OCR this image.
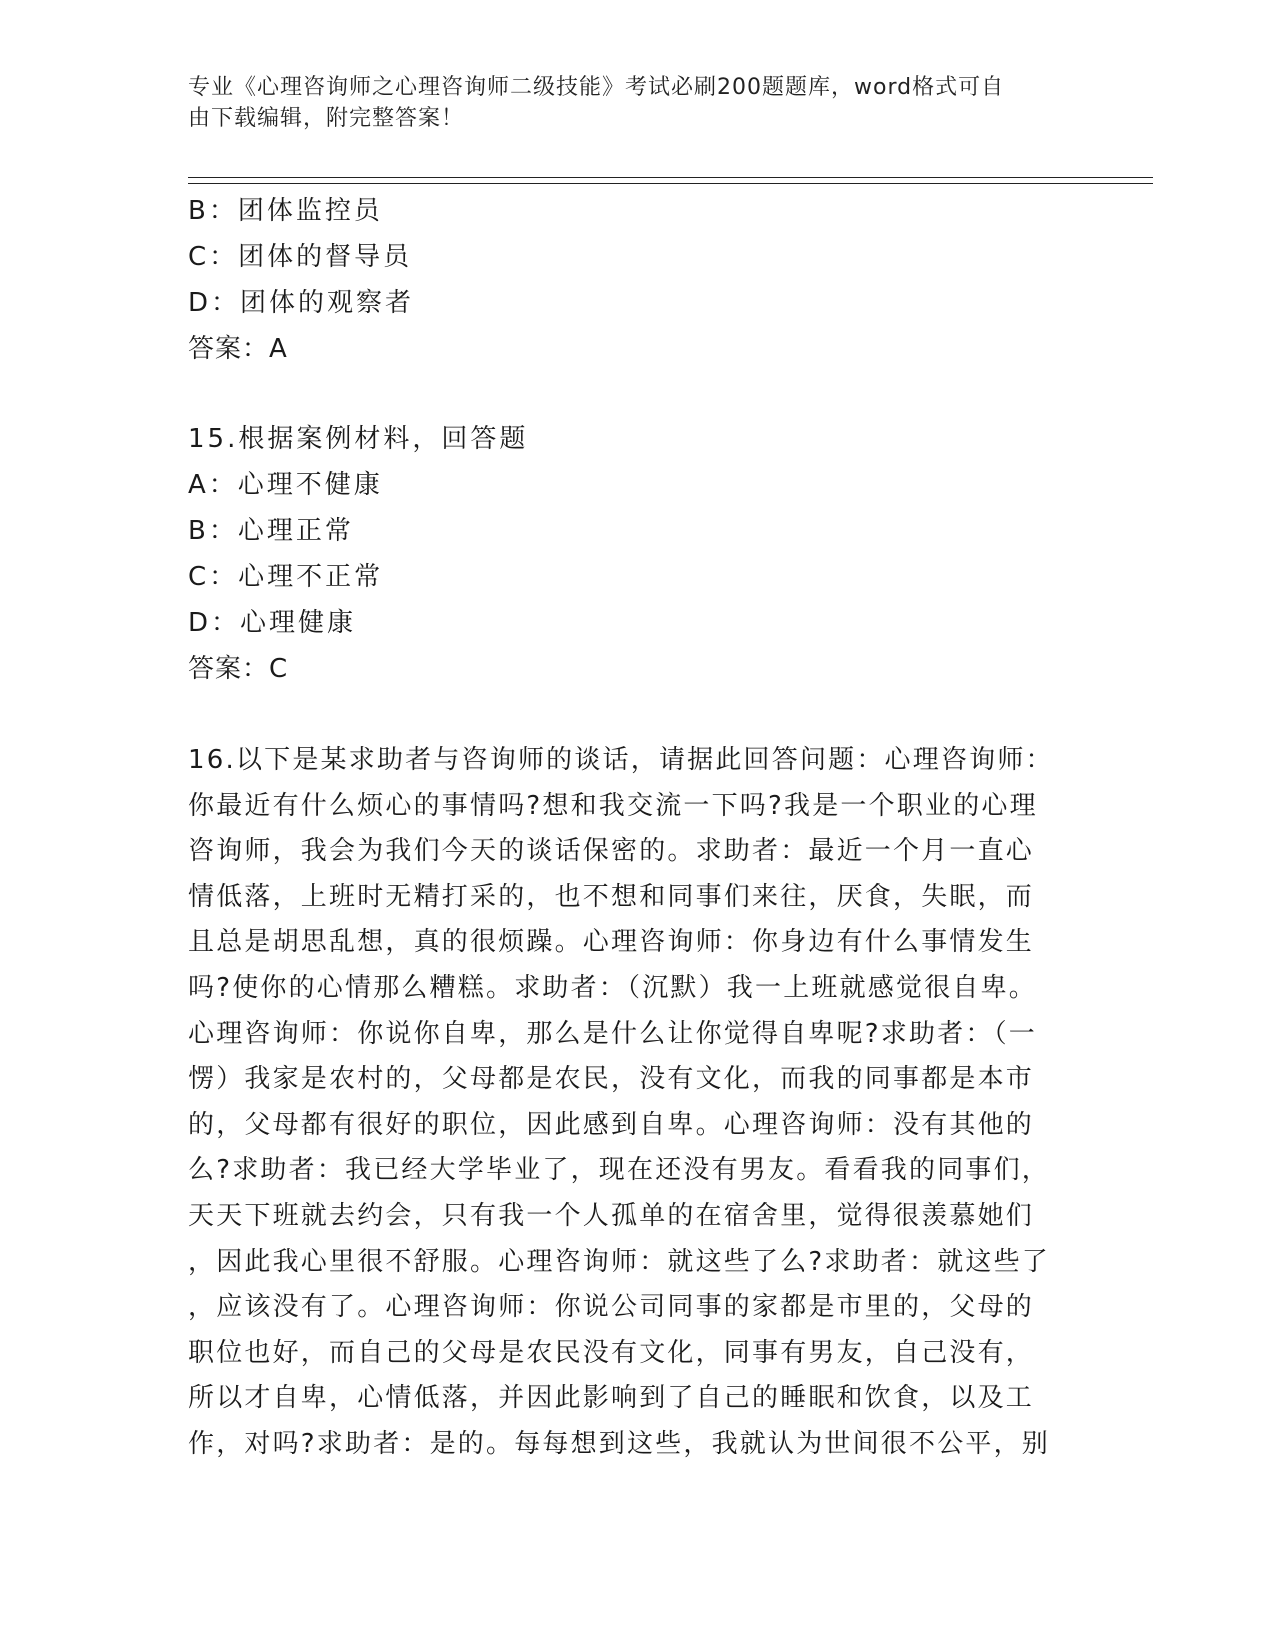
专业《心理咨询师之心理咨询师二级技能》考试必刷200题题库，word格式可自
由下载编辑，附完整答案！
B：团体监控员
C：团体的督导员
D：团体的观察者
答案：A
15.根据案例材料，回答题
A：心理不健康
B：心理正常
C：心理不正常
D：心理健康
答案：C
16.以下是某求助者与咨询师的谈话，请据此回答问题：心理咨询师：
你最近有什么烦心的事情吗?想和我交流一下吗?我是一个职业的心理
咨询师，我会为我们今天的谈话保密的。求助者：最近一个月一直心
情低落，上班时无精打采的，也不想和同事们来往，厌食，失眠，而
且总是胡思乱想，真的很烦躁。心理咨询师：你身边有什么事情发生
吗?使你的心情那么糟糕。求助者：（沉默）我一上班就感觉很自卑。
心理咨询师：你说你自卑，那么是什么让你觉得自卑呢?求助者：（一
愣）我家是农村的，父母都是农民，没有文化，而我的同事都是本市
的，父母都有很好的职位，因此感到自卑。心理咨询师：没有其他的
么?求助者：我已经大学毕业了，现在还没有男友。看看我的同事们，
天天下班就去约会，只有我一个人孤单的在宿舍里，觉得很羡慕她们
，因此我心里很不舒服。心理咨询师：就这些了么?求助者：就这些了
，应该没有了。心理咨询师：你说公司同事的家都是市里的，父母的
职位也好，而自己的父母是农民没有文化，同事有男友，自己没有，
所以才自卑，心情低落，并因此影响到了自己的睡眠和饮食，以及工
作，对吗?求助者：是的。每每想到这些，我就认为世间很不公平，别
